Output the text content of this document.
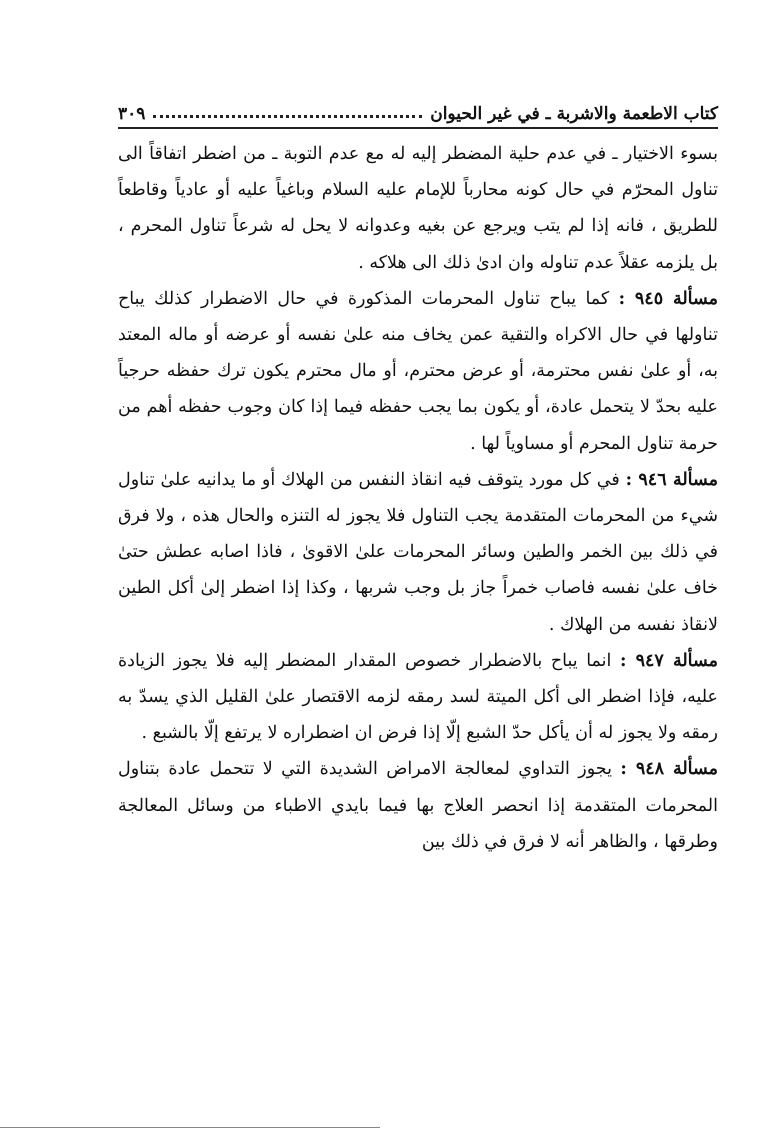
كتاب الاطعمة والاشربة ـ في غير الحيوان
٣٠٩

بسوء الاختيار ـ في عدم حلية المضطر إليه له مع عدم التوبة ـ من اضطر اتفاقاً الى تناول المحرّم في حال كونه محارباً للإمام عليه السلام وباغياً عليه أو عادياً وقاطعاً للطريق ، فانه إذا لم يتب ويرجع عن بغيه وعدوانه لا يحل له شرعاً تناول المحرم ، بل يلزمه عقلاً عدم تناوله وان ادىٰ ذلك الى هلاكه .

مسألة ٩٤٥ : كما يباح تناول المحرمات المذكورة في حال الاضطرار كذلك يباح تناولها في حال الاكراه والتقية عمن يخاف منه علىٰ نفسه أو عرضه أو ماله المعتد به، أو علىٰ نفس محترمة، أو عرض محترم، أو مال محترم يكون ترك حفظه حرجياً عليه بحدّ لا يتحمل عادة، أو يكون بما يجب حفظه فيما إذا كان وجوب حفظه أهم من حرمة تناول المحرم أو مساوياً لها .

مسألة ٩٤٦ : في كل مورد يتوقف فيه انقاذ النفس من الهلاك أو ما يدانيه علىٰ تناول شيء من المحرمات المتقدمة يجب التناول فلا يجوز له التنزه والحال هذه ، ولا فرق في ذلك بين الخمر والطين وسائر المحرمات علىٰ الاقوىٰ ، فاذا اصابه عطش حتىٰ خاف علىٰ نفسه فاصاب خمراً جاز بل وجب شربها ، وكذا إذا اضطر إلىٰ أكل الطين لانقاذ نفسه من الهلاك .

مسألة ٩٤٧ : انما يباح بالاضطرار خصوص المقدار المضطر إليه فلا يجوز الزيادة عليه، فإذا اضطر الى أكل الميتة لسد رمقه لزمه الاقتصار علىٰ القليل الذي يسدّ به رمقه ولا يجوز له أن يأكل حدّ الشبع إلّا إذا فرض ان اضطراره لا يرتفع إلّا بالشبع .

مسألة ٩٤٨ : يجوز التداوي لمعالجة الامراض الشديدة التي لا تتحمل عادة بتناول المحرمات المتقدمة إذا انحصر العلاج بها فيما بايدي الاطباء من وسائل المعالجة وطرقها ، والظاهر أنه لا فرق في ذلك بين
